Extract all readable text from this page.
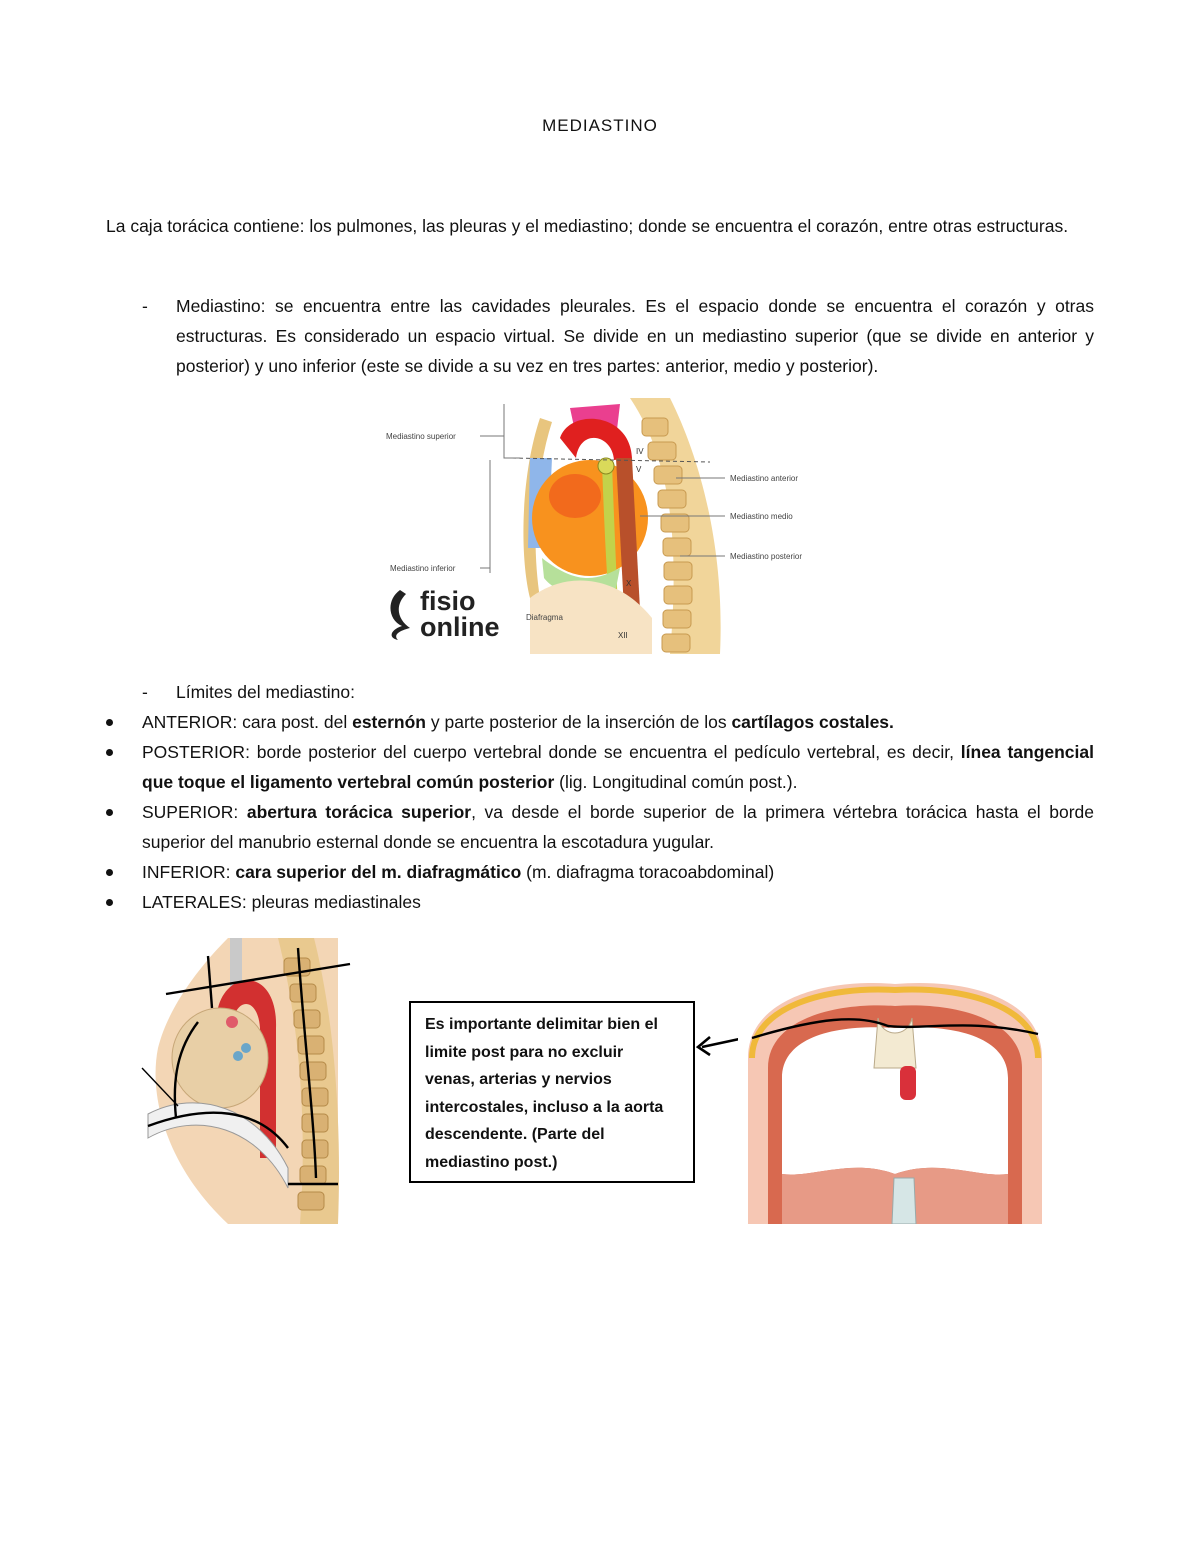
MEDIASTINO
La caja torácica contiene: los pulmones, las pleuras y el mediastino; donde se encuentra el corazón, entre otras estructuras.
- Mediastino: se encuentra entre las cavidades pleurales. Es el espacio donde se encuentra el corazón y otras estructuras. Es considerado un espacio virtual. Se divide en un mediastino superior (que se divide en anterior y posterior) y uno inferior (este se divide a su vez en tres partes: anterior, medio y posterior).
Mediastino superior
Mediastino inferior
Mediastino anterior
Mediastino medio
Mediastino posterior
Diafragma
IV
V
X
XII
fisio
online
- Límites del mediastino:
ANTERIOR: cara post. del esternón y parte posterior de la inserción de los cartílagos costales.
POSTERIOR: borde posterior del cuerpo vertebral donde se encuentra el pedículo vertebral, es decir, línea tangencial que toque el ligamento vertebral común posterior (lig. Longitudinal común post.).
SUPERIOR: abertura torácica superior, va desde el borde superior de la primera vértebra torácica hasta el borde superior del manubrio esternal donde se encuentra la escotadura yugular.
INFERIOR: cara superior del m. diafragmático (m. diafragma toracoabdominal)
LATERALES: pleuras mediastinales
Es importante delimitar bien el
limite post para no excluir
venas, arterias y nervios
intercostales, incluso a la aorta
descendente. (Parte del
mediastino post.)
